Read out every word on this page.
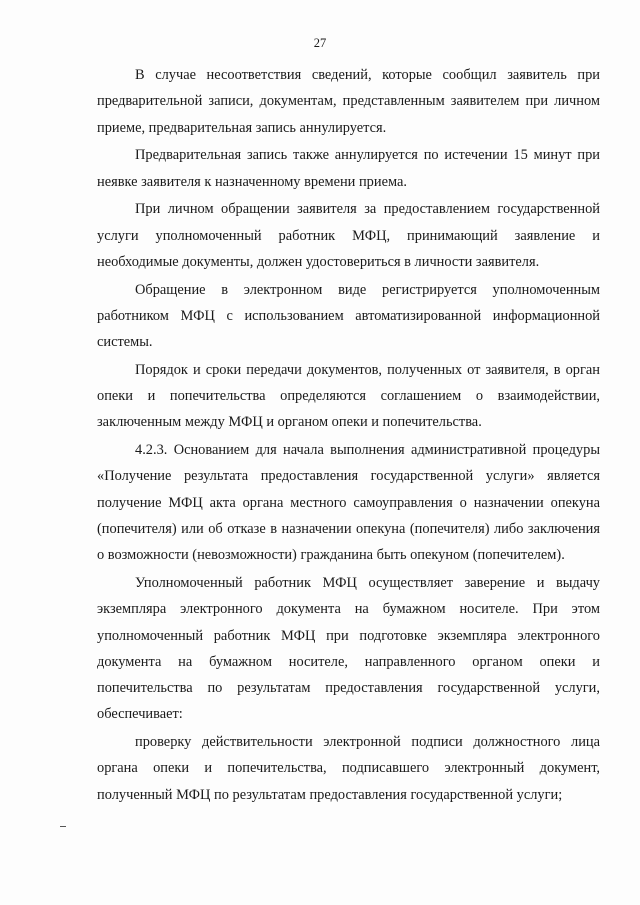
27

В случае несоответствия сведений, которые сообщил заявитель при предварительной записи, документам, представленным заявителем при личном приеме, предварительная запись аннулируется.

Предварительная запись также аннулируется по истечении 15 минут при неявке заявителя к назначенному времени приема.

При личном обращении заявителя за предоставлением государственной услуги уполномоченный работник МФЦ, принимающий заявление и необходимые документы, должен удостовериться в личности заявителя.

Обращение в электронном виде регистрируется уполномоченным работником МФЦ с использованием автоматизированной информационной системы.

Порядок и сроки передачи документов, полученных от заявителя, в орган опеки и попечительства определяются соглашением о взаимодействии, заключенным между МФЦ и органом опеки и попечительства.

4.2.3. Основанием для начала выполнения административной процедуры «Получение результата предоставления государственной услуги» является получение МФЦ акта органа местного самоуправления о назначении опекуна (попечителя) или об отказе в назначении опекуна (попечителя) либо заключения о возможности (невозможности) гражданина быть опекуном (попечителем).

Уполномоченный работник МФЦ осуществляет заверение и выдачу экземпляра электронного документа на бумажном носителе. При этом уполномоченный работник МФЦ при подготовке экземпляра электронного документа на бумажном носителе, направленного органом опеки и попечительства по результатам предоставления государственной услуги, обеспечивает:

проверку действительности электронной подписи должностного лица органа опеки и попечительства, подписавшего электронный документ, полученный МФЦ по результатам предоставления государственной услуги;
